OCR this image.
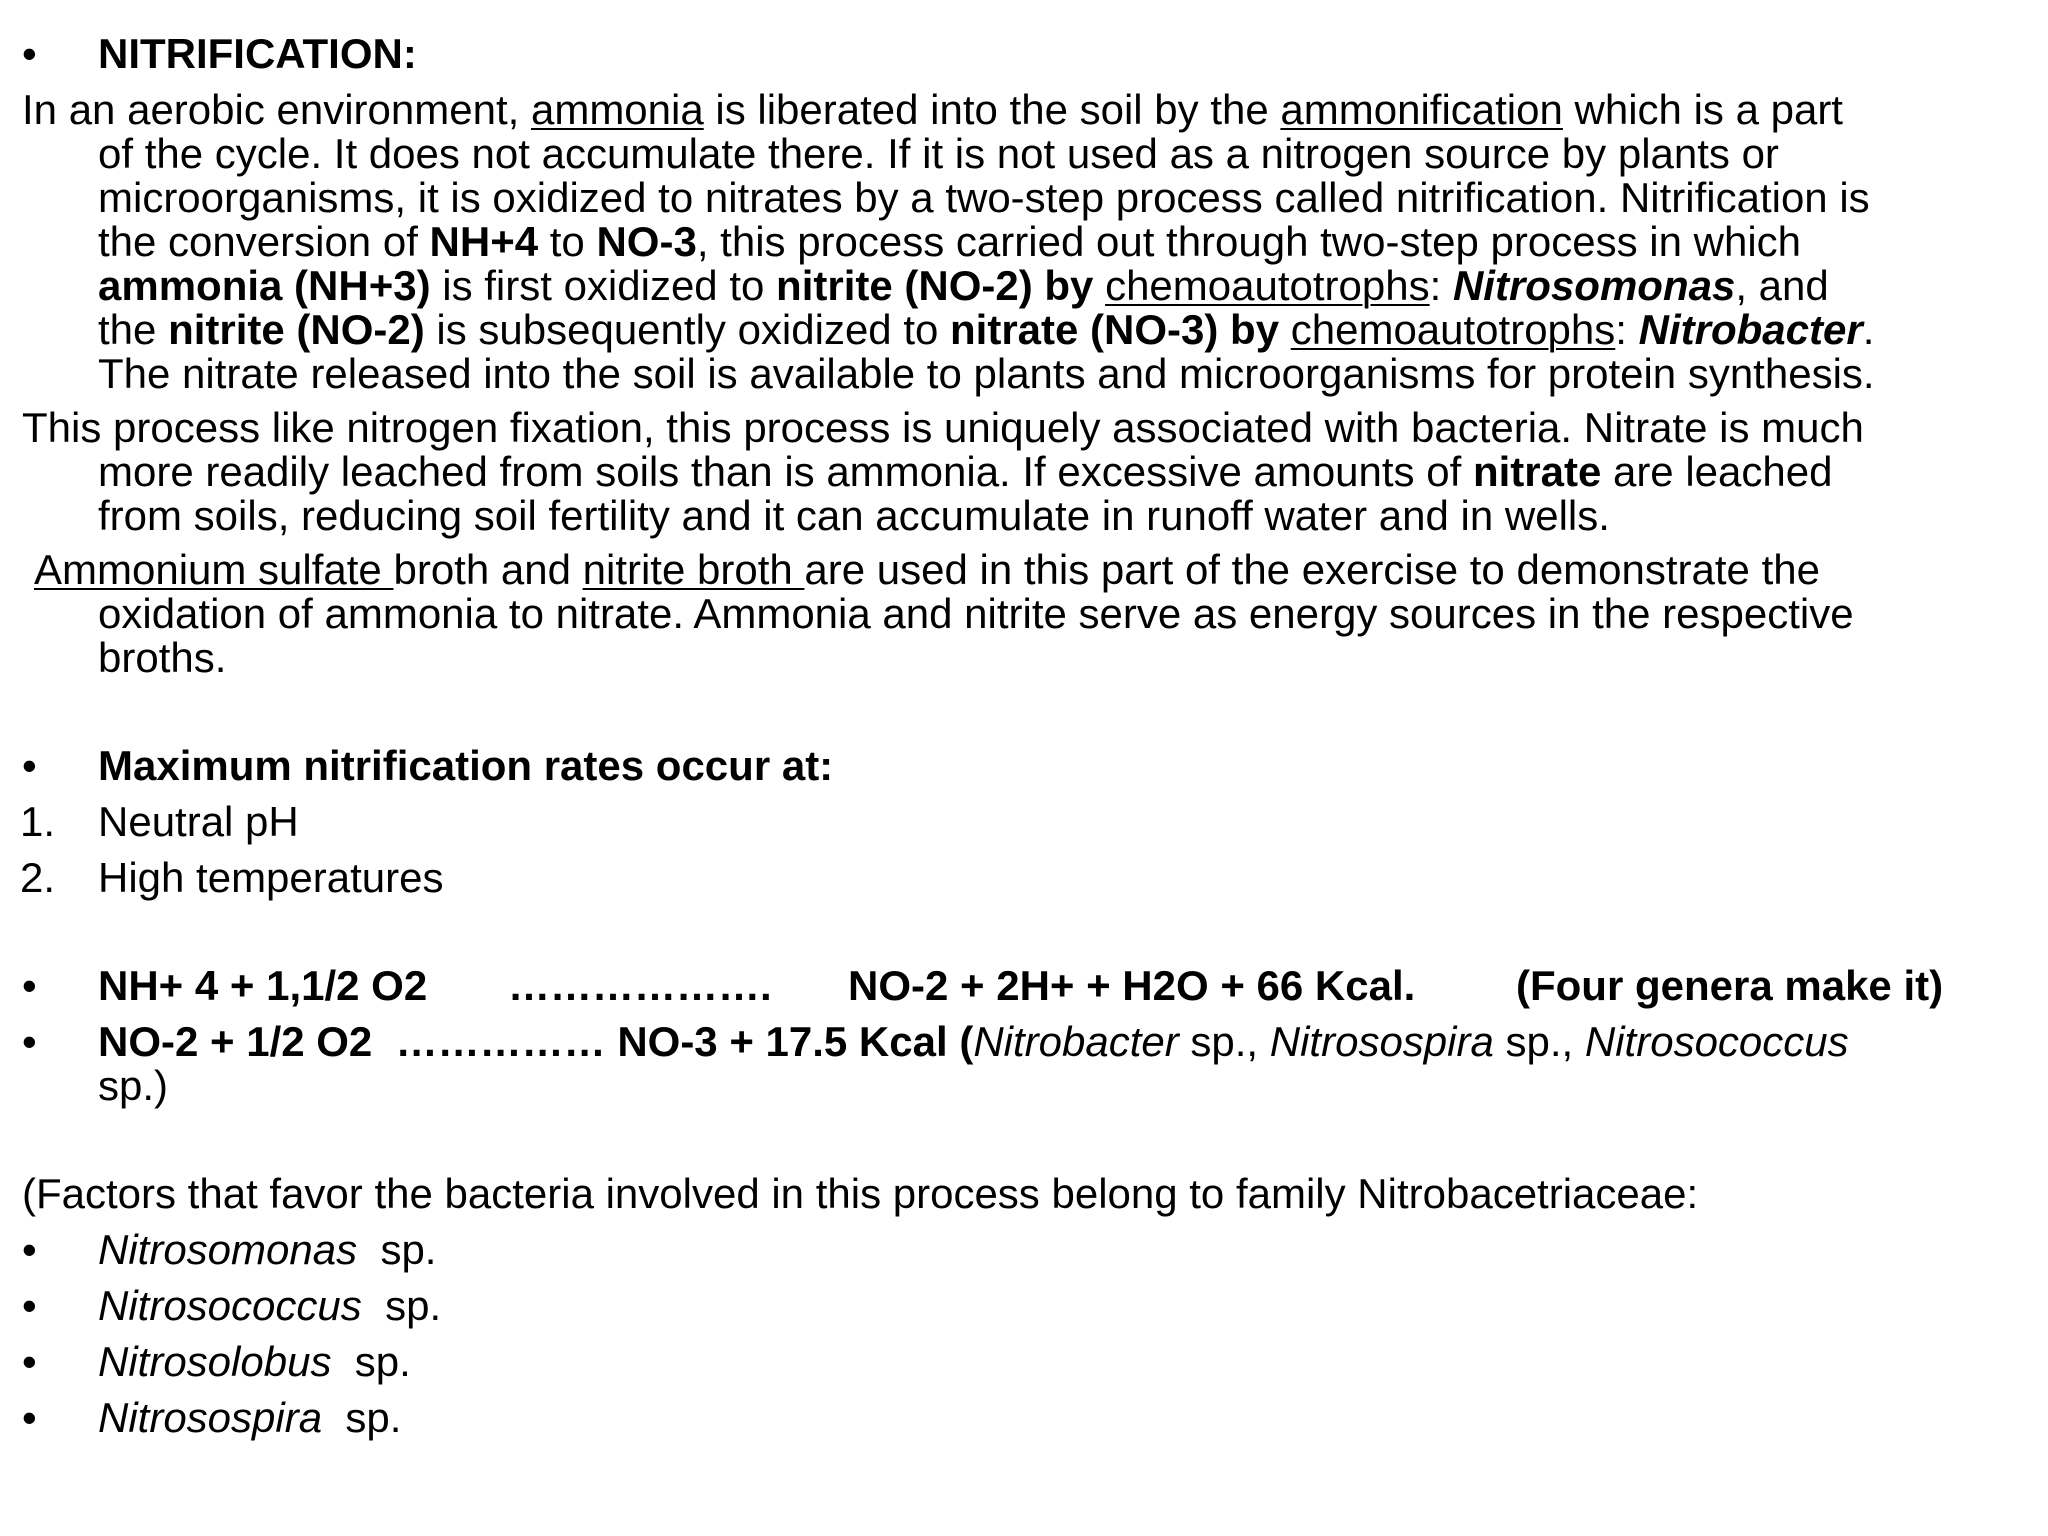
• NITRIFICATION:
In an aerobic environment, ammonia is liberated into the soil by the ammonification which is a part
of the cycle. It does not accumulate there. If it is not used as a nitrogen source by plants or
microorganisms, it is oxidized to nitrates by a two-step process called nitrification. Nitrification is
the conversion of NH+4 to NO-3, this process carried out through two-step process in which
ammonia (NH+3) is first oxidized to nitrite (NO-2) by chemoautotrophs: Nitrosomonas, and
the nitrite (NO-2) is subsequently oxidized to nitrate (NO-3) by chemoautotrophs: Nitrobacter.
The nitrate released into the soil is available to plants and microorganisms for protein synthesis.
This process like nitrogen fixation, this process is uniquely associated with bacteria. Nitrate is much
more readily leached from soils than is ammonia. If excessive amounts of nitrate are leached
from soils, reducing soil fertility and it can accumulate in runoff water and in wells.
Ammonium sulfate broth and nitrite broth are used in this part of the exercise to demonstrate the
oxidation of ammonia to nitrate. Ammonia and nitrite serve as energy sources in the respective
broths.
• Maximum nitrification rates occur at:
1. Neutral pH
2. High temperatures
• NH+ 4 + 1,1/2 O2 ………………. NO-2 + 2H+ + H2O + 66 Kcal. (Four genera make it)
• NO-2 + 1/2 O2 …………… NO-3 + 17.5 Kcal (Nitrobacter sp., Nitrosospira sp., Nitrosococcus
sp.)
(Factors that favor the bacteria involved in this process belong to family Nitrobacetriaceae:
• Nitrosomonas sp.
• Nitrosococcus sp.
• Nitrosolobus sp.
• Nitrosospira sp.
